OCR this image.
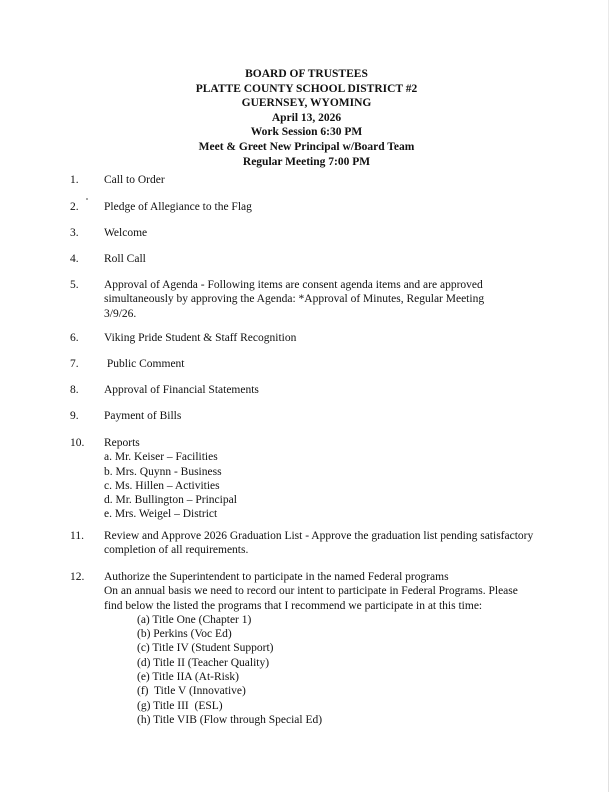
BOARD OF TRUSTEES
PLATTE COUNTY SCHOOL DISTRICT #2
GUERNSEY, WYOMING
April 13, 2026
Work Session 6:30 PM
Meet & Greet New Principal w/Board Team
Regular Meeting 7:00 PM
1. Call to Order
2. Pledge of Allegiance to the Flag
3. Welcome
4. Roll Call
5. Approval of Agenda - Following items are consent agenda items and are approved
simultaneously by approving the Agenda: *Approval of Minutes, Regular Meeting
3/9/26.
6. Viking Pride Student & Staff Recognition
7. Public Comment
8. Approval of Financial Statements
9. Payment of Bills
10. Reports
a. Mr. Keiser – Facilities
b. Mrs. Quynn - Business
c. Ms. Hillen – Activities
d. Mr. Bullington – Principal
e. Mrs. Weigel – District
11. Review and Approve 2026 Graduation List - Approve the graduation list pending satisfactory
completion of all requirements.
12. Authorize the Superintendent to participate in the named Federal programs
On an annual basis we need to record our intent to participate in Federal Programs. Please
find below the listed the programs that I recommend we participate in at this time:
(a) Title One (Chapter 1)
(b) Perkins (Voc Ed)
(c) Title IV (Student Support)
(d) Title II (Teacher Quality)
(e) Title IIA (At-Risk)
(f)  Title V (Innovative)
(g) Title III  (ESL)
(h) Title VIB (Flow through Special Ed)
